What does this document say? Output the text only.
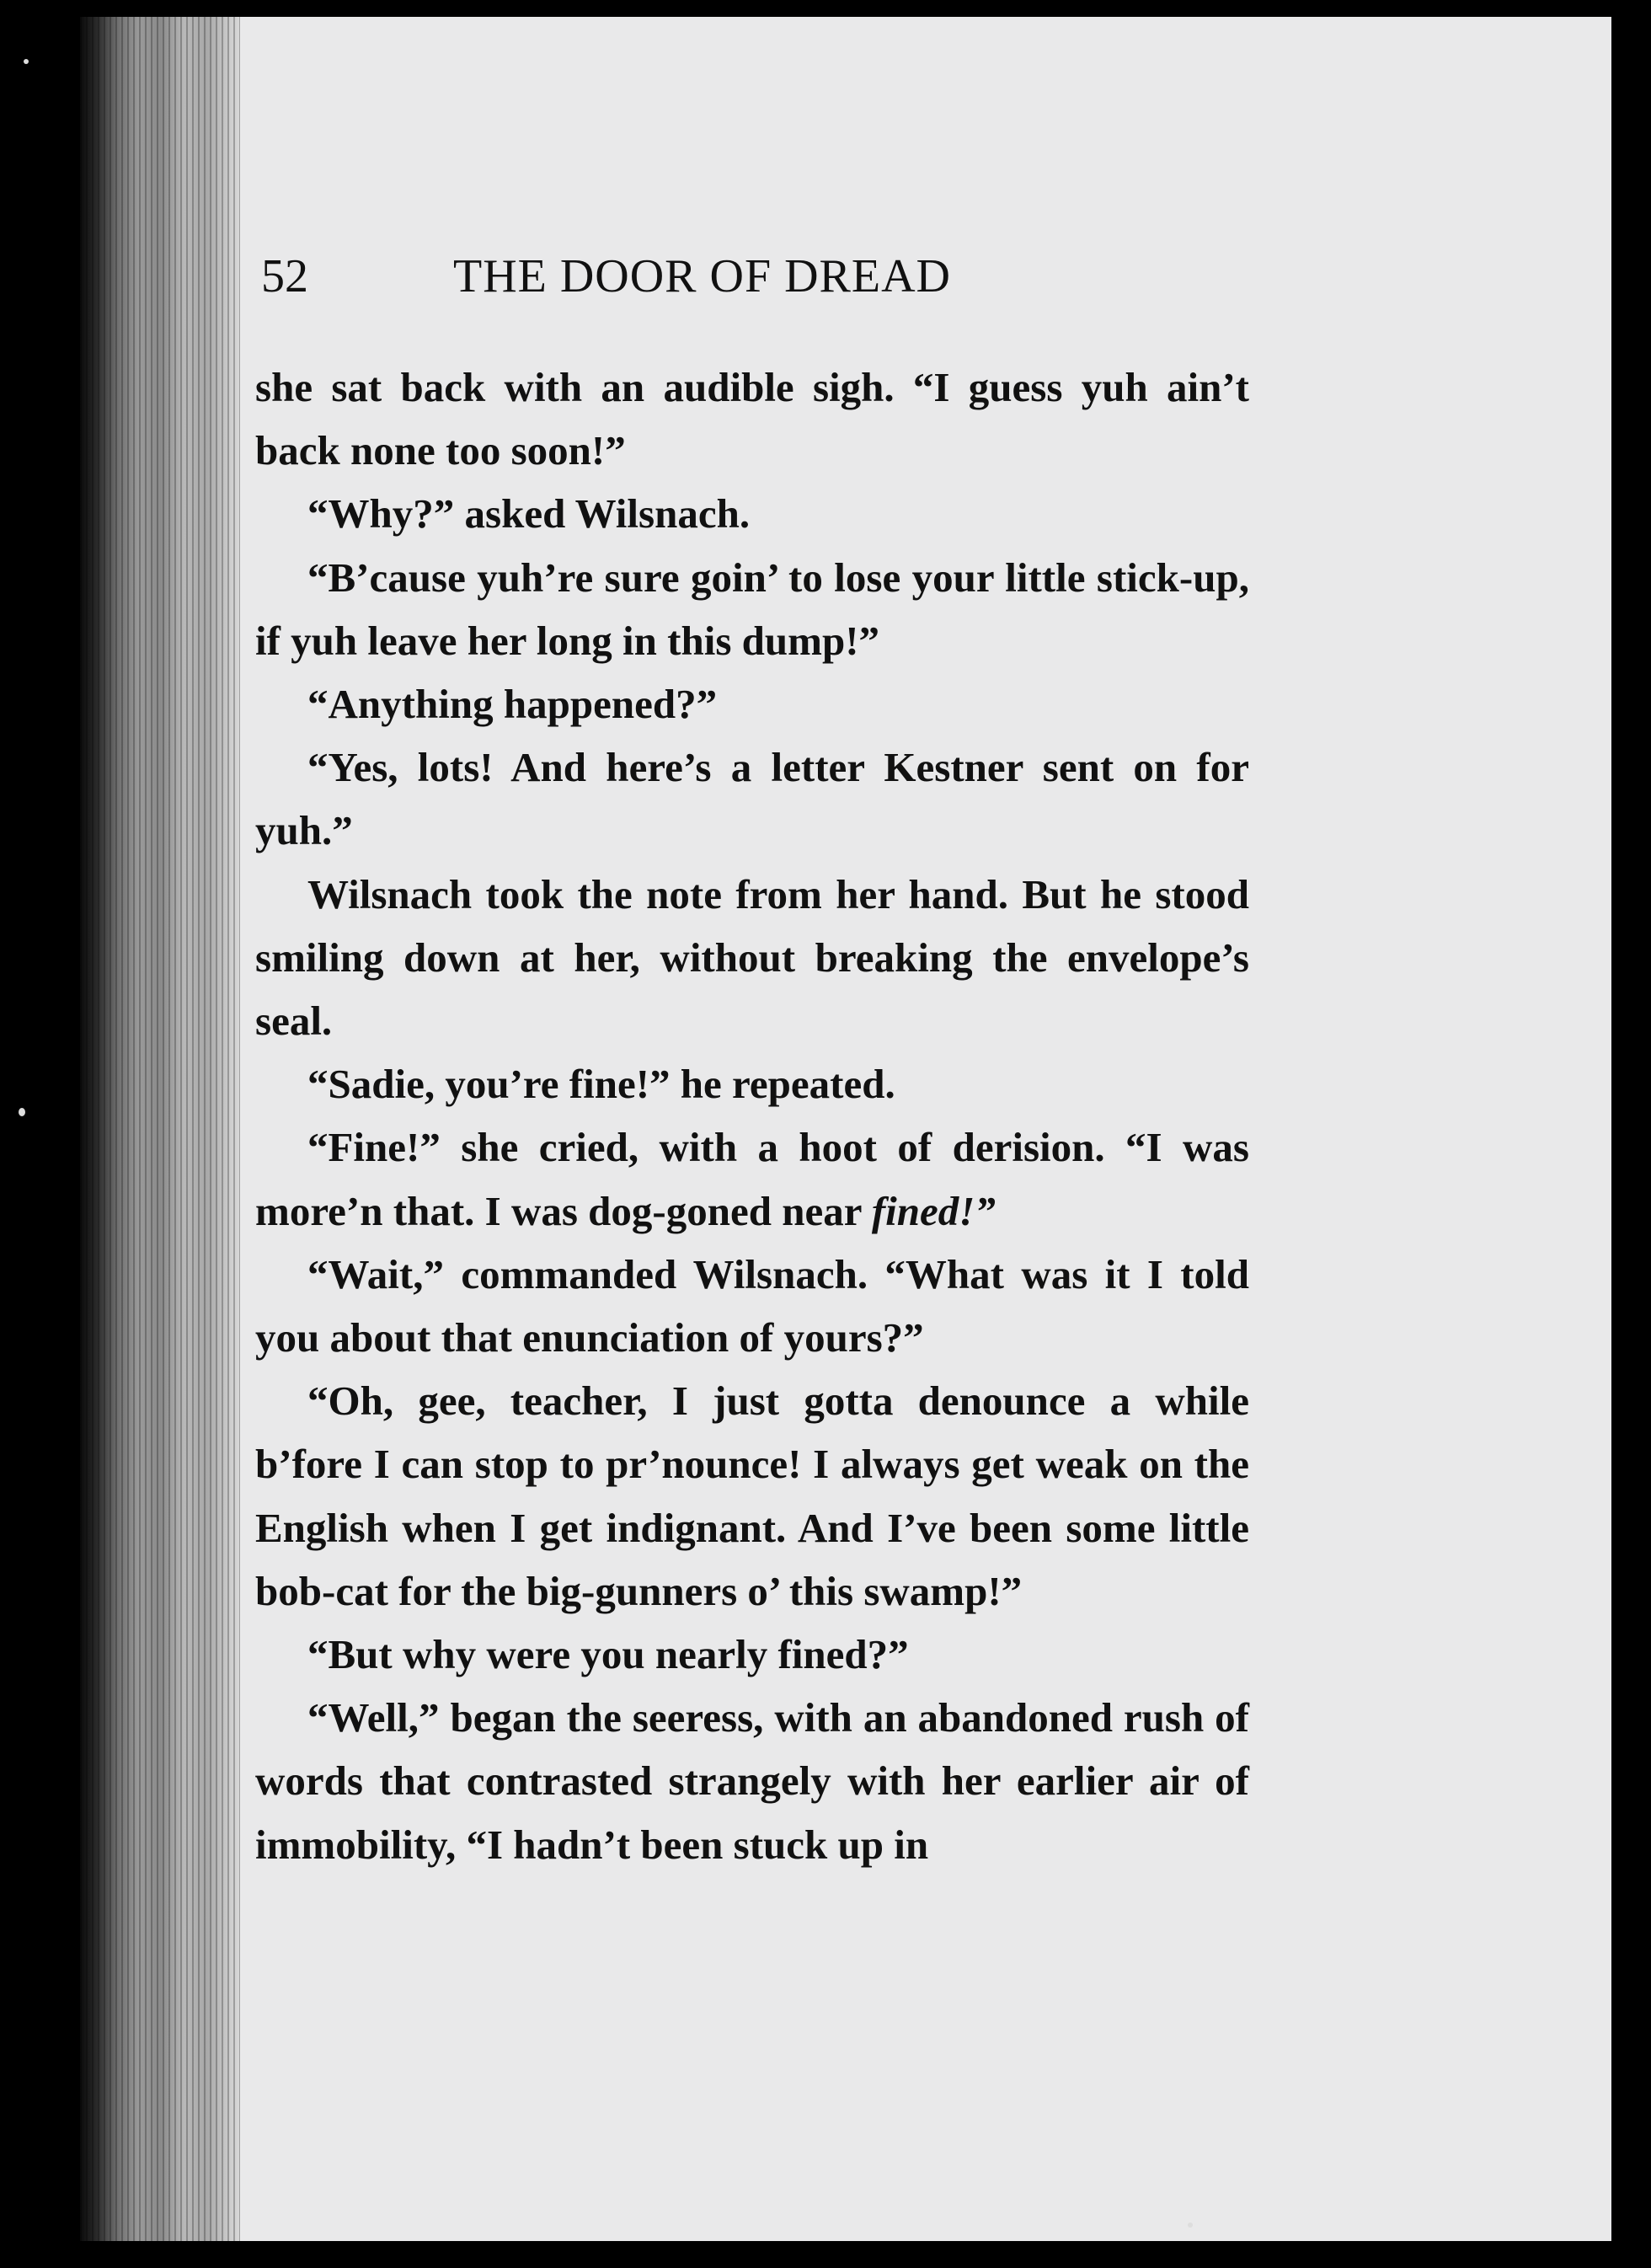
52	THE DOOR OF DREAD

she sat back with an audible sigh. “I guess yuh ain’t back none too soon!”

“Why?” asked Wilsnach.

“B’cause yuh’re sure goin’ to lose your little stick-up, if yuh leave her long in this dump!”

“Anything happened?”

“Yes, lots! And here’s a letter Kestner sent on for yuh.”

Wilsnach took the note from her hand. But he stood smiling down at her, without breaking the envelope’s seal.

“Sadie, you’re fine!” he repeated.

“Fine!” she cried, with a hoot of derision. “I was more’n that. I was dog-goned near fined!”

“Wait,” commanded Wilsnach. “What was it I told you about that enunciation of yours?”

“Oh, gee, teacher, I just gotta denounce a while b’fore I can stop to pr’nounce! I always get weak on the English when I get indignant. And I’ve been some little bob-cat for the big-gunners o’ this swamp!”

“But why were you nearly fined?”

“Well,” began the seeress, with an abandoned rush of words that contrasted strangely with her earlier air of immobility, “I hadn’t been stuck up in
